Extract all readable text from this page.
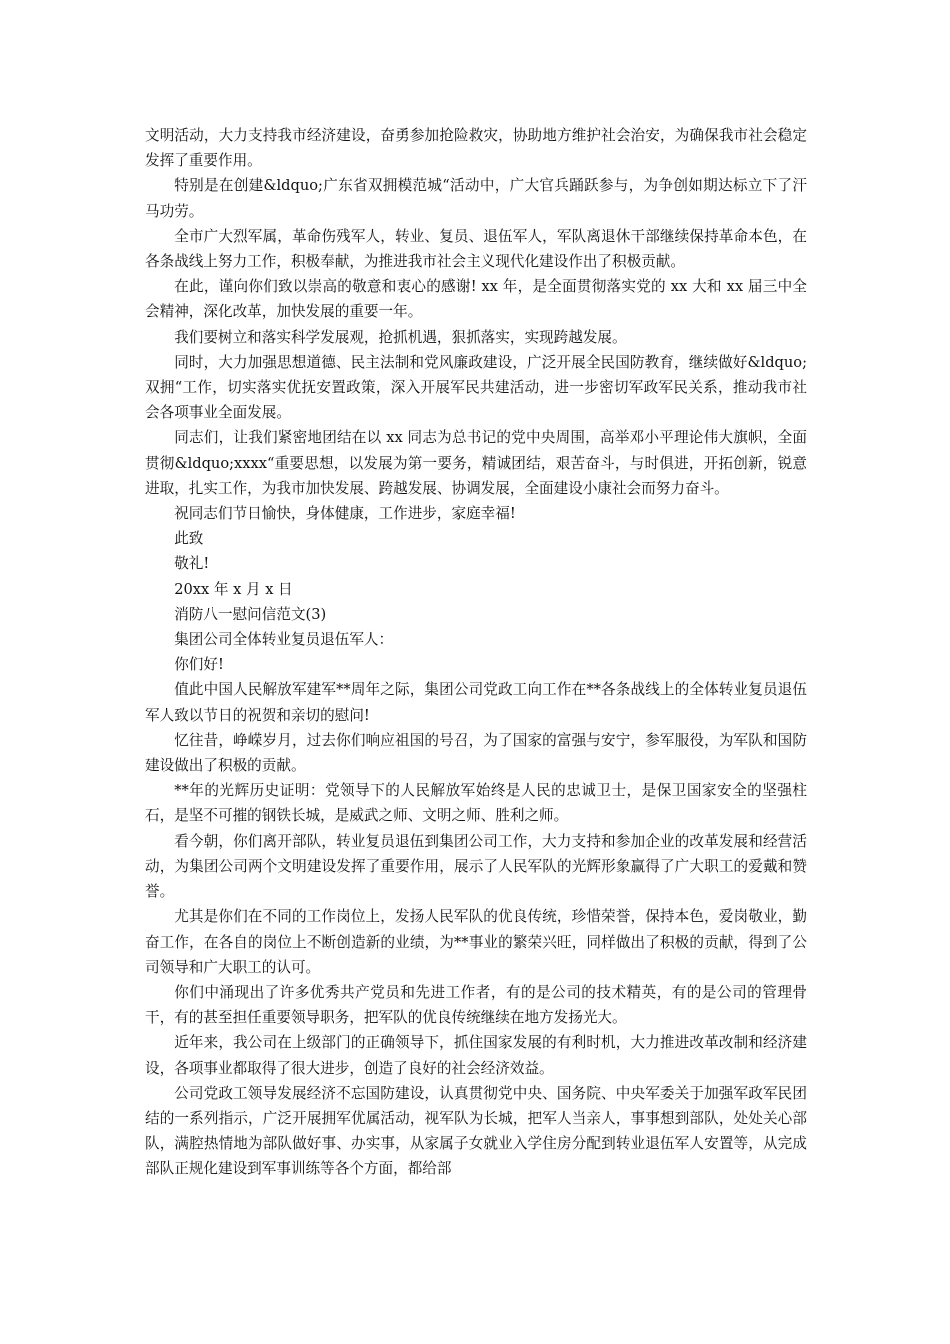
文明活动，大力支持我市经济建设，奋勇参加抢险救灾，协助地方维护社会治安，为确保我市社会稳定发挥了重要作用。

特别是在创建&ldquo;广东省双拥模范城“活动中，广大官兵踊跃参与，为争创如期达标立下了汗马功劳。

全市广大烈军属，革命伤残军人，转业、复员、退伍军人，军队离退休干部继续保持革命本色，在各条战线上努力工作，积极奉献，为推进我市社会主义现代化建设作出了积极贡献。

在此，谨向你们致以崇高的敬意和衷心的感谢! xx 年，是全面贯彻落实党的 xx 大和 xx 届三中全会精神，深化改革，加快发展的重要一年。

我们要树立和落实科学发展观，抢抓机遇，狠抓落实，实现跨越发展。

同时，大力加强思想道德、民主法制和党风廉政建设，广泛开展全民国防教育，继续做好&ldquo;双拥“工作，切实落实优抚安置政策，深入开展军民共建活动，进一步密切军政军民关系，推动我市社会各项事业全面发展。

同志们，让我们紧密地团结在以 xx 同志为总书记的党中央周围，高举邓小平理论伟大旗帜，全面贯彻&ldquo;xxxx“重要思想，以发展为第一要务，精诚团结，艰苦奋斗，与时俱进，开拓创新，锐意进取，扎实工作，为我市加快发展、跨越发展、协调发展，全面建设小康社会而努力奋斗。

祝同志们节日愉快，身体健康，工作进步，家庭幸福!

此致

敬礼!

20xx 年 x 月 x 日

消防八一慰问信范文(3)

集团公司全体转业复员退伍军人：

你们好!

值此中国人民解放军建军**周年之际，集团公司党政工向工作在**各条战线上的全体转业复员退伍军人致以节日的祝贺和亲切的慰问!

忆往昔，峥嵘岁月，过去你们响应祖国的号召，为了国家的富强与安宁，参军服役，为军队和国防建设做出了积极的贡献。

**年的光辉历史证明：党领导下的人民解放军始终是人民的忠诚卫士，是保卫国家安全的坚强柱石，是坚不可摧的钢铁长城，是威武之师、文明之师、胜利之师。

看今朝，你们离开部队，转业复员退伍到集团公司工作，大力支持和参加企业的改革发展和经营活动，为集团公司两个文明建设发挥了重要作用，展示了人民军队的光辉形象赢得了广大职工的爱戴和赞誉。

尤其是你们在不同的工作岗位上，发扬人民军队的优良传统，珍惜荣誉，保持本色，爱岗敬业，勤奋工作，在各自的岗位上不断创造新的业绩，为**事业的繁荣兴旺，同样做出了积极的贡献，得到了公司领导和广大职工的认可。

你们中涌现出了许多优秀共产党员和先进工作者，有的是公司的技术精英，有的是公司的管理骨干，有的甚至担任重要领导职务，把军队的优良传统继续在地方发扬光大。

近年来，我公司在上级部门的正确领导下，抓住国家发展的有利时机，大力推进改革改制和经济建设，各项事业都取得了很大进步，创造了良好的社会经济效益。

公司党政工领导发展经济不忘国防建设，认真贯彻党中央、国务院、中央军委关于加强军政军民团结的一系列指示，广泛开展拥军优属活动，视军队为长城，把军人当亲人，事事想到部队，处处关心部队，满腔热情地为部队做好事、办实事，从家属子女就业入学住房分配到转业退伍军人安置等，从完成部队正规化建设到军事训练等各个方面，都给部
